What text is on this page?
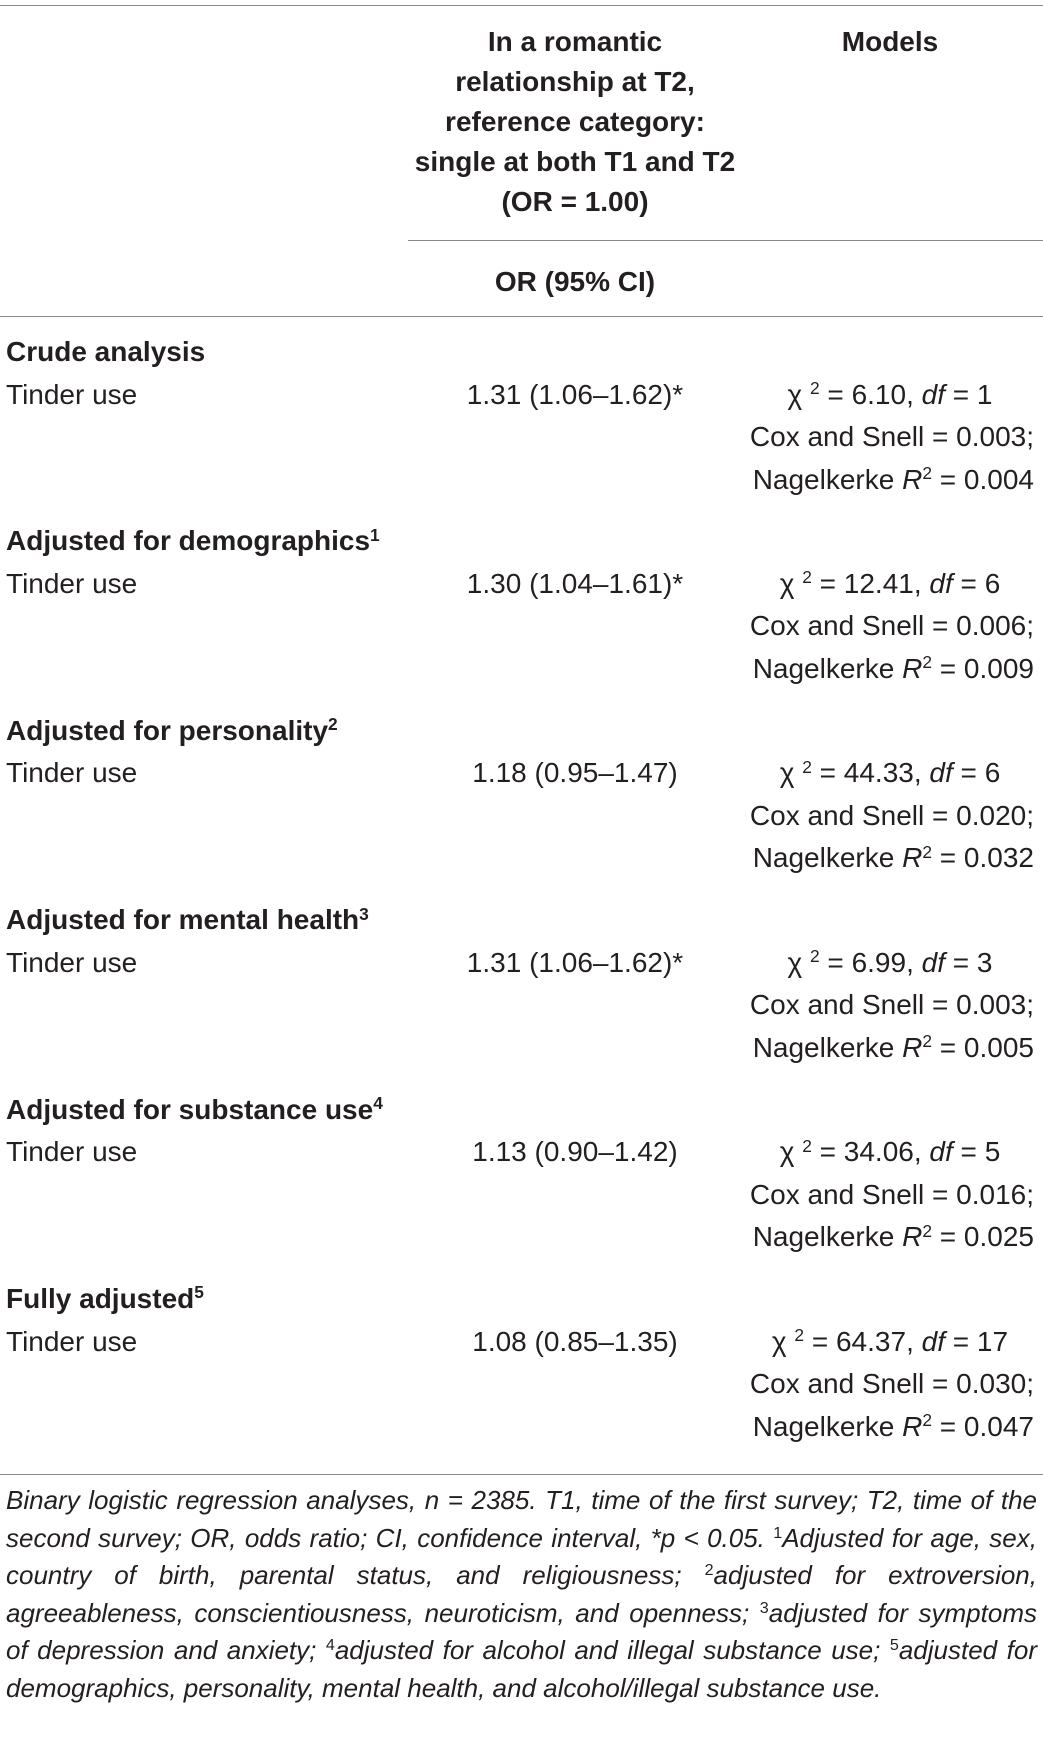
In a romantic
relationship at T2,
reference category:
single at both T1 and T2
(OR = 1.00)
Models
OR (95% CI)
Crude analysis
Tinder use	1.31 (1.06–1.62)*	χ $^2$ = 6.10, df = 1
Cox and Snell = 0.003;
Nagelkerke $R^2 = 0.004$
Adjusted for demographics$^1$
Tinder use	1.30 (1.04–1.61)*	χ $^2$ = 12.41, df = 6
Cox and Snell = 0.006;
Nagelkerke $R^2 = 0.009$
Adjusted for personality$^2$
Tinder use	1.18 (0.95–1.47)	χ $^2$ = 44.33, df = 6
Cox and Snell = 0.020;
Nagelkerke $R^2 = 0.032$
Adjusted for mental health$^3$
Tinder use	1.31 (1.06–1.62)*	χ $^2$ = 6.99, df = 3
Cox and Snell = 0.003;
Nagelkerke $R^2 = 0.005$
Adjusted for substance use$^4$
Tinder use	1.13 (0.90–1.42)	χ $^2$ = 34.06, df = 5
Cox and Snell = 0.016;
Nagelkerke $R^2 = 0.025$
Fully adjusted$^5$
Tinder use	1.08 (0.85–1.35)	χ $^2$ = 64.37, df = 17
Cox and Snell = 0.030;
Nagelkerke $R^2 = 0.047$
Binary logistic regression analyses, n = 2385. T1, time of the first survey; T2, time of the second survey; OR, odds ratio; CI, confidence interval, *p < 0.05. $^1$Adjusted for age, sex, country of birth, parental status, and religiousness; $^2$adjusted for extroversion, agreeableness, conscientiousness, neuroticism, and openness; $^3$adjusted for symptoms of depression and anxiety; $^4$adjusted for alcohol and illegal substance use; $^5$adjusted for demographics, personality, mental health, and alcohol/illegal substance use.
